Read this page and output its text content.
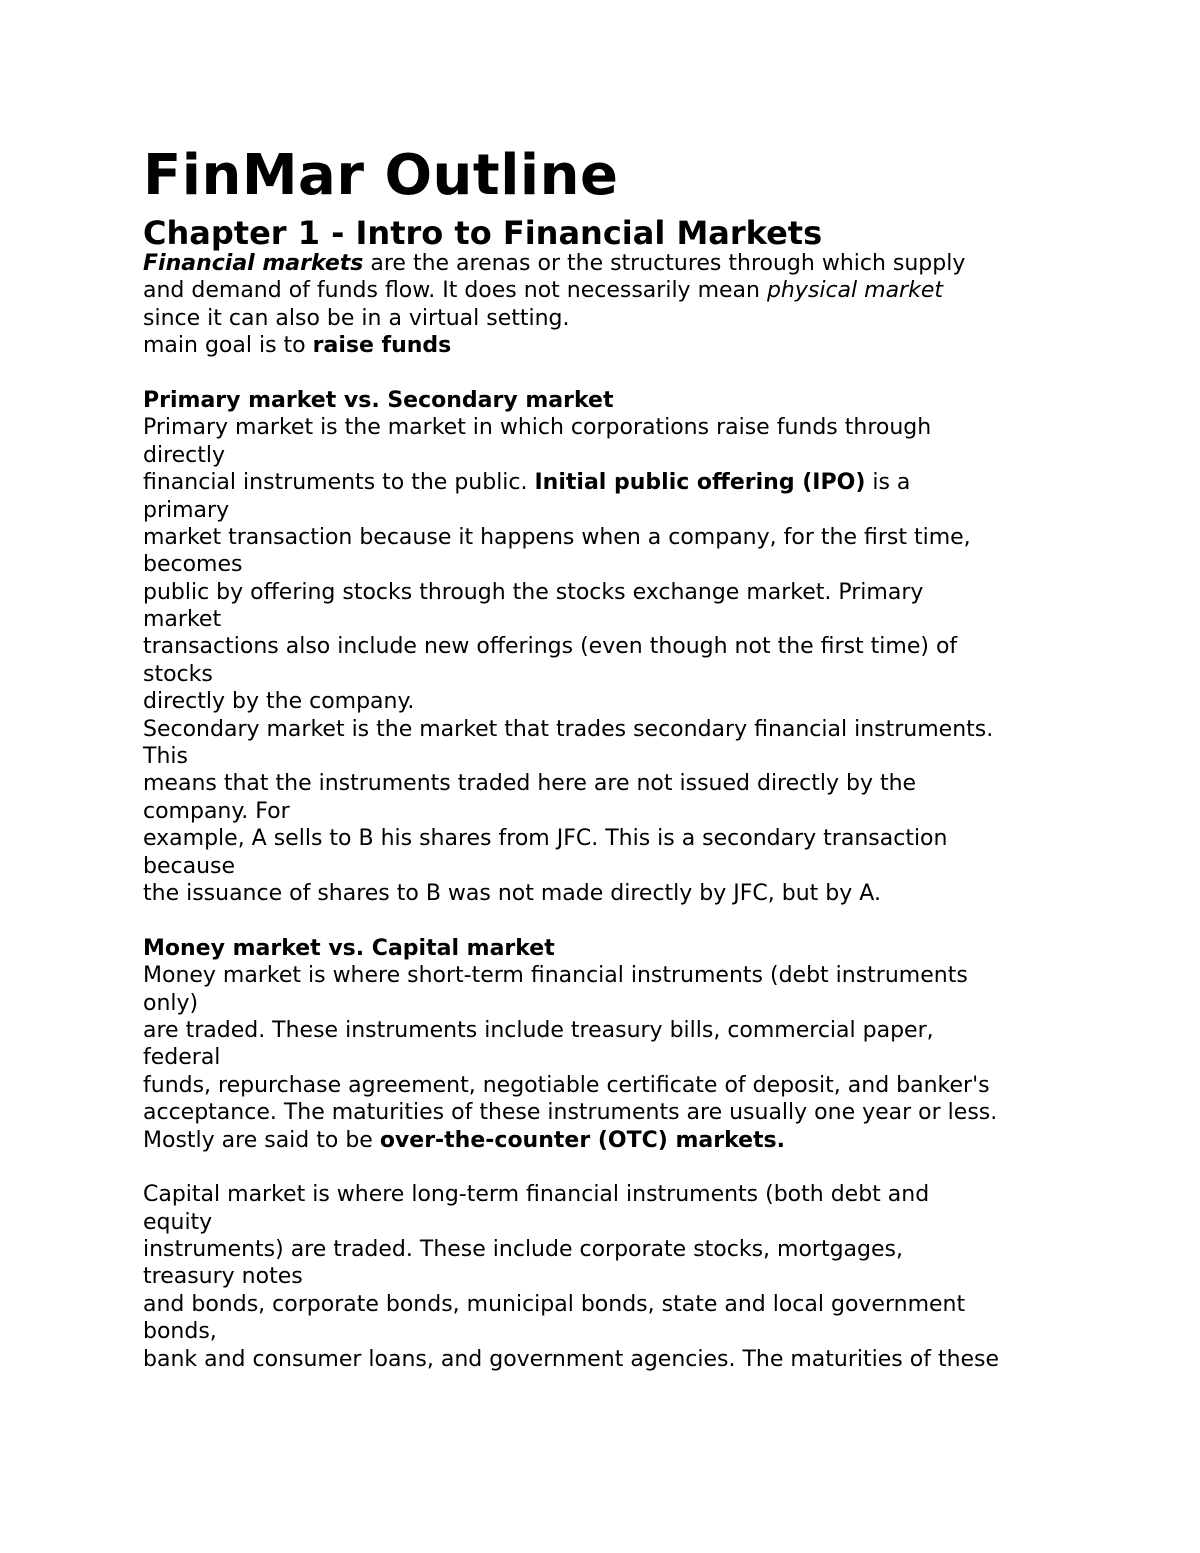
FinMar Outline
Chapter 1 - Intro to Financial Markets

Financial markets are the arenas or the structures through which supply

and demand of funds flow. It does not necessarily mean physical market

since it can also be in a virtual setting.

main goal is to raise funds

Primary market vs. Secondary market

Primary market is the market in which corporations raise funds through

directly

financial instruments to the public. Initial public offering (IPO) is a

primary

market transaction because it happens when a company, for the first time,

becomes

public by offering stocks through the stocks exchange market. Primary

market

transactions also include new offerings (even though not the first time) of

stocks

directly by the company.

Secondary market is the market that trades secondary financial instruments.

This

means that the instruments traded here are not issued directly by the

company. For

example, A sells to B his shares from JFC. This is a secondary transaction

because

the issuance of shares to B was not made directly by JFC, but by A.

Money market vs. Capital market

Money market is where short-term financial instruments (debt instruments

only)

are traded. These instruments include treasury bills, commercial paper,

federal

funds, repurchase agreement, negotiable certificate of deposit, and banker's

acceptance. The maturities of these instruments are usually one year or less.

Mostly are said to be over-the-counter (OTC) markets.

Capital market is where long-term financial instruments (both debt and

equity

instruments) are traded. These include corporate stocks, mortgages,

treasury notes

and bonds, corporate bonds, municipal bonds, state and local government

bonds,

bank and consumer loans, and government agencies. The maturities of these
